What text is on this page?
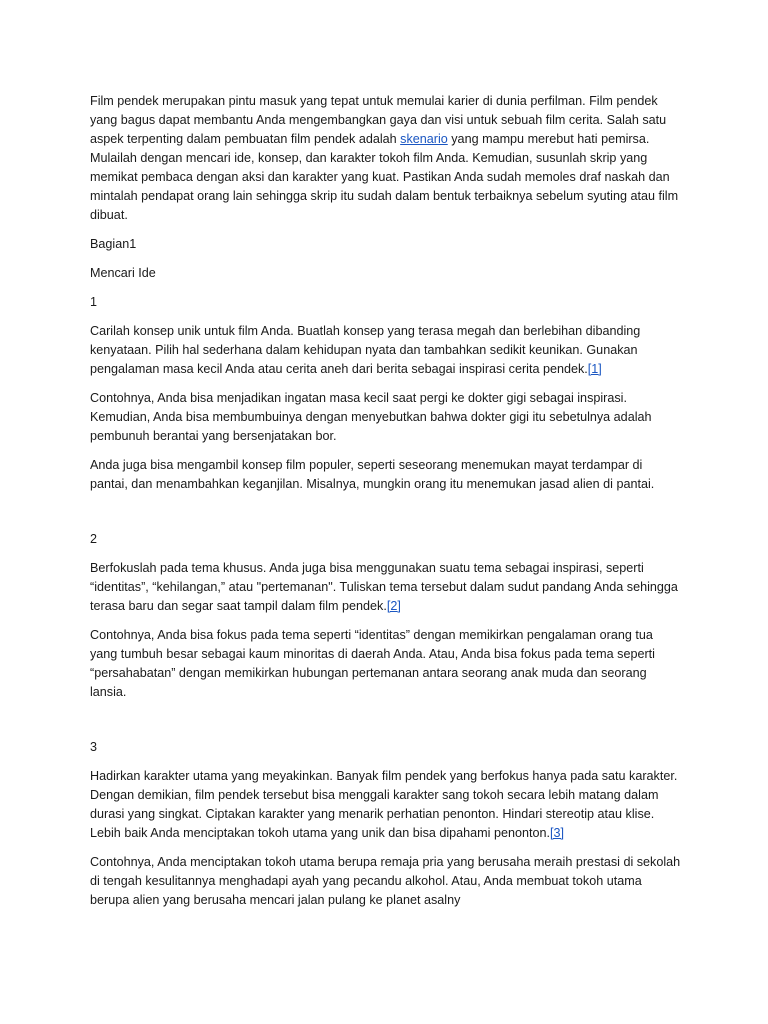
Film pendek merupakan pintu masuk yang tepat untuk memulai karier di dunia perfilman. Film pendek yang bagus dapat membantu Anda mengembangkan gaya dan visi untuk sebuah film cerita. Salah satu aspek terpenting dalam pembuatan film pendek adalah skenario yang mampu merebut hati pemirsa. Mulailah dengan mencari ide, konsep, dan karakter tokoh film Anda. Kemudian, susunlah skrip yang memikat pembaca dengan aksi dan karakter yang kuat. Pastikan Anda sudah memoles draf naskah dan mintalah pendapat orang lain sehingga skrip itu sudah dalam bentuk terbaiknya sebelum syuting atau film dibuat.

Bagian1

Mencari Ide

1

Carilah konsep unik untuk film Anda. Buatlah konsep yang terasa megah dan berlebihan dibanding kenyataan. Pilih hal sederhana dalam kehidupan nyata dan tambahkan sedikit keunikan. Gunakan pengalaman masa kecil Anda atau cerita aneh dari berita sebagai inspirasi cerita pendek.[1]

Contohnya, Anda bisa menjadikan ingatan masa kecil saat pergi ke dokter gigi sebagai inspirasi. Kemudian, Anda bisa membumbuinya dengan menyebutkan bahwa dokter gigi itu sebetulnya adalah pembunuh berantai yang bersenjatakan bor.

Anda juga bisa mengambil konsep film populer, seperti seseorang menemukan mayat terdampar di pantai, dan menambahkan keganjilan. Misalnya, mungkin orang itu menemukan jasad alien di pantai.

2

Berfokuslah pada tema khusus. Anda juga bisa menggunakan suatu tema sebagai inspirasi, seperti “identitas”, “kehilangan,” atau "pertemanan". Tuliskan tema tersebut dalam sudut pandang Anda sehingga terasa baru dan segar saat tampil dalam film pendek.[2]

Contohnya, Anda bisa fokus pada tema seperti “identitas” dengan memikirkan pengalaman orang tua yang tumbuh besar sebagai kaum minoritas di daerah Anda. Atau, Anda bisa fokus pada tema seperti “persahabatan” dengan memikirkan hubungan pertemanan antara seorang anak muda dan seorang lansia.

3

Hadirkan karakter utama yang meyakinkan. Banyak film pendek yang berfokus hanya pada satu karakter. Dengan demikian, film pendek tersebut bisa menggali karakter sang tokoh secara lebih matang dalam durasi yang singkat. Ciptakan karakter yang menarik perhatian penonton. Hindari stereotip atau klise. Lebih baik Anda menciptakan tokoh utama yang unik dan bisa dipahami penonton.[3]

Contohnya, Anda menciptakan tokoh utama berupa remaja pria yang berusaha meraih prestasi di sekolah di tengah kesulitannya menghadapi ayah yang pecandu alkohol. Atau, Anda membuat tokoh utama berupa alien yang berusaha mencari jalan pulang ke planet asalny
